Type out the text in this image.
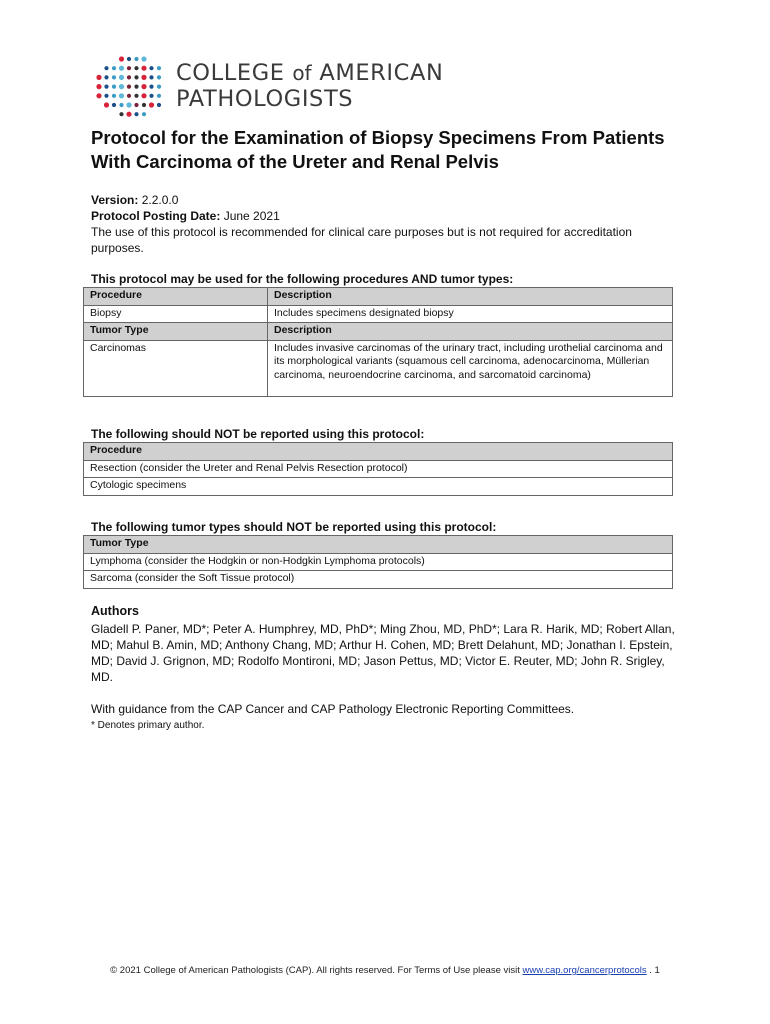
COLLEGE of AMERICAN
PATHOLOGISTS
Protocol for the Examination of Biopsy Specimens From Patients
With Carcinoma of the Ureter and Renal Pelvis
Version: 2.2.0.0
Protocol Posting Date: June 2021
The use of this protocol is recommended for clinical care purposes but is not required for accreditation purposes.
This protocol may be used for the following procedures AND tumor types:
Procedure	Description
Biopsy	Includes specimens designated biopsy
Tumor Type	Description
Carcinomas	Includes invasive carcinomas of the urinary tract, including urothelial carcinoma and its morphological variants (squamous cell carcinoma, adenocarcinoma, Müllerian carcinoma, neuroendocrine carcinoma, and sarcomatoid carcinoma)
The following should NOT be reported using this protocol:
Procedure
Resection (consider the Ureter and Renal Pelvis Resection protocol)
Cytologic specimens
The following tumor types should NOT be reported using this protocol:
Tumor Type
Lymphoma (consider the Hodgkin or non-Hodgkin Lymphoma protocols)
Sarcoma (consider the Soft Tissue protocol)
Authors
Gladell P. Paner, MD*; Peter A. Humphrey, MD, PhD*; Ming Zhou, MD, PhD*; Lara R. Harik, MD; Robert Allan, MD; Mahul B. Amin, MD; Anthony Chang, MD; Arthur H. Cohen, MD; Brett Delahunt, MD; Jonathan I. Epstein, MD; David J. Grignon, MD; Rodolfo Montironi, MD; Jason Pettus, MD; Victor E. Reuter, MD; John R. Srigley, MD.
With guidance from the CAP Cancer and CAP Pathology Electronic Reporting Committees.
* Denotes primary author.
© 2021 College of American Pathologists (CAP). All rights reserved. For Terms of Use please visit www.cap.org/cancerprotocols . 1
